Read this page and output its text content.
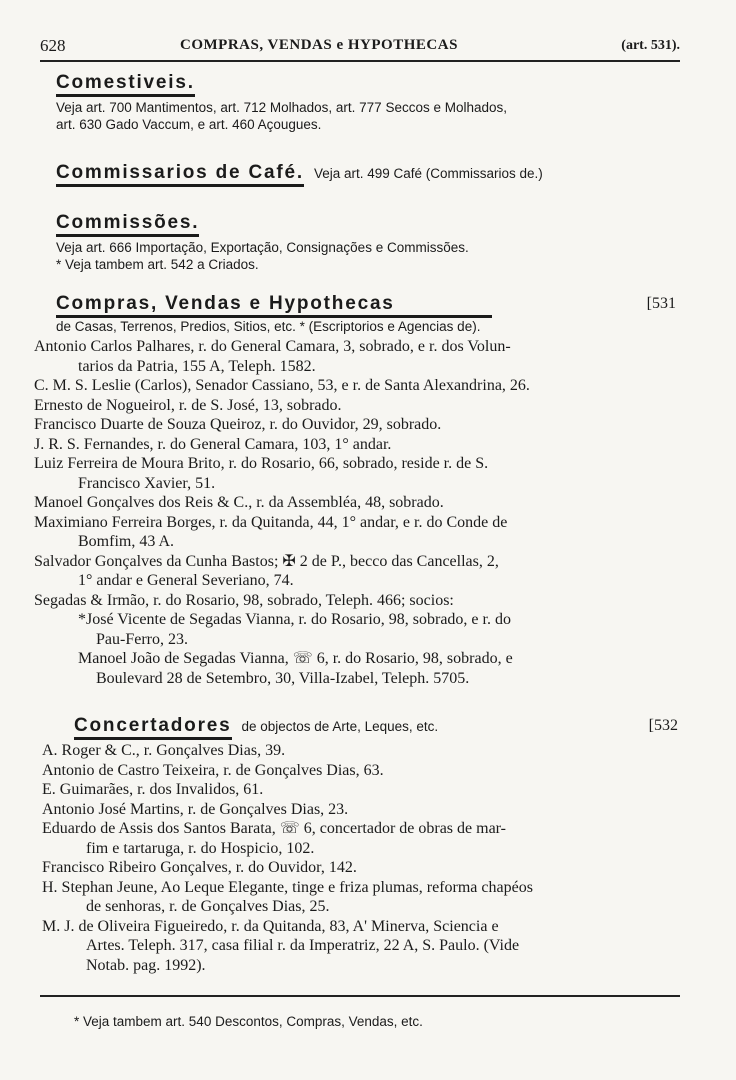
628	COMPRAS, VENDAS e HYPOTHECAS	(art. 531).
Comestiveis.
Veja art. 700 Mantimentos, art. 712 Molhados, art. 777 Seccos e Molhados,
art. 630 Gado Vaccum, e art. 460 Açougues.
Commissarios de Café. Veja art. 499 Café (Commissarios de.)
Commissões.
Veja art. 666 Importação, Exportação, Consignações e Commissões.
* Veja tambem art. 542 a Criados.
Compras, Vendas e Hypothecas	[531
de Casas, Terrenos, Predios, Sitios, etc. * (Escriptorios e Agencias de).
Antonio Carlos Palhares, r. do General Camara, 3, sobrado, e r. dos Volun-
tarios da Patria, 155 A, Teleph. 1582.
C. M. S. Leslie (Carlos), Senador Cassiano, 53, e r. de Santa Alexandrina, 26.
Ernesto de Nogueirol, r. de S. José, 13, sobrado.
Francisco Duarte de Souza Queiroz, r. do Ouvidor, 29, sobrado.
J. R. S. Fernandes, r. do General Camara, 103, 1° andar.
Luiz Ferreira de Moura Brito, r. do Rosario, 66, sobrado, reside r. de S.
Francisco Xavier, 51.
Manoel Gonçalves dos Reis & C., r. da Assembléa, 48, sobrado.
Maximiano Ferreira Borges, r. da Quitanda, 44, 1° andar, e r. do Conde de
Bomfim, 43 A.
Salvador Gonçalves da Cunha Bastos; ✠ 2 de P., becco das Cancellas, 2,
1° andar e General Severiano, 74.
Segadas & Irmão, r. do Rosario, 98, sobrado, Teleph. 466; socios:
*José Vicente de Segadas Vianna, r. do Rosario, 98, sobrado, e r. do
Pau-Ferro, 23.
Manoel João de Segadas Vianna, ☏ 6, r. do Rosario, 98, sobrado, e
Boulevard 28 de Setembro, 30, Villa-Izabel, Teleph. 5705.
Concertadores de objectos de Arte, Leques, etc.	[532
A. Roger & C., r. Gonçalves Dias, 39.
Antonio de Castro Teixeira, r. de Gonçalves Dias, 63.
E. Guimarães, r. dos Invalidos, 61.
Antonio José Martins, r. de Gonçalves Dias, 23.
Eduardo de Assis dos Santos Barata, ☏ 6, concertador de obras de mar-
fim e tartaruga, r. do Hospicio, 102.
Francisco Ribeiro Gonçalves, r. do Ouvidor, 142.
H. Stephan Jeune, Ao Leque Elegante, tinge e friza plumas, reforma chapéos
de senhoras, r. de Gonçalves Dias, 25.
M. J. de Oliveira Figueiredo, r. da Quitanda, 83, A' Minerva, Sciencia e
Artes. Teleph. 317, casa filial r. da Imperatriz, 22 A, S. Paulo. (Vide
Notab. pag. 1992).
* Veja tambem art. 540 Descontos, Compras, Vendas, etc.
